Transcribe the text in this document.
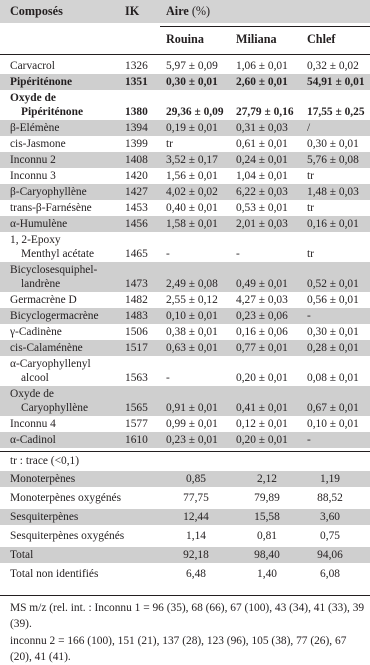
Composés	IK Aire (%)
Rouina	Miliana Chlef
Carvacrol	1326 5,97 ± 0,09 1,06 ± 0,01 0,32 ± 0,02
Pipériténone	1351 0,30 ± 0,01 2,60 ± 0,01 54,91 ± 0,01
Oxyde de
Pipériténone	1380 29,36 ± 0,09 27,79 ± 0,16 17,55 ± 0,25
β-Elémène	1394 0,19 ± 0,01 0,31 ± 0,03 /
cis-Jasmone	1399 tr	0,61 ± 0,01 0,30 ± 0,01
Inconnu 2	1408 3,52 ± 0,17 0,24 ± 0,01 5,76 ± 0,08
Inconnu 3	1420 1,56 ± 0,01 1,04 ± 0,01 tr
β-Caryophyllène	1427 4,02 ± 0,02 6,22 ± 0,03 1,48 ± 0,03
trans-β-Farnésène	1453 0,40 ± 0,01 0,53 ± 0,01 tr
α-Humulène	1456 1,58 ± 0,01 2,01 ± 0,03 0,16 ± 0,01
1, 2-Epoxy
Menthyl acétate	1465 -	-	tr
Bicyclosesquiphel-
landrène	1473 2,49 ± 0,08 0,49 ± 0,01 0,52 ± 0,01
Germacrène D	1482 2,55 ± 0,12 4,27 ± 0,03 0,56 ± 0,01
Bicyclogermacrène 1483 0,10 ± 0,01 0,23 ± 0,06 -
γ-Cadinène	1506 0,38 ± 0,01 0,16 ± 0,06 0,30 ± 0,01
cis-Calaménène	1517 0,63 ± 0,01 0,77 ± 0,01 0,28 ± 0,01
α-Caryophyllenyl
alcool	1563 -	0,20 ± 0,01 0,08 ± 0,01
Oxyde de
Caryophyllène	1565 0,91 ± 0,01 0,41 ± 0,01 0,67 ± 0,01
Inconnu 4	1577 0,99 ± 0,01 0,12 ± 0,01 0,10 ± 0,01
α-Cadinol	1610 0,23 ± 0,01 0,20 ± 0,01 -
tr : trace (<0,1)
Monoterpènes	0,85	2,12	1,19
Monoterpènes oxygénés	77,75	79,89	88,52
Sesquiterpènes	12,44	15,58	3,60
Sesquiterpènes oxygénés	1,14	0,81	0,75
Total	92,18	98,40	94,06
Total non identifiés	6,48	1,40	6,08
MS m/z (rel. int. : Inconnu 1 = 96 (35), 68 (66), 67 (100), 43 (34), 41 (33), 39 (39).
inconnu 2 = 166 (100), 151 (21), 137 (28), 123 (96), 105 (38), 77 (26), 67 (20), 41 (41).
